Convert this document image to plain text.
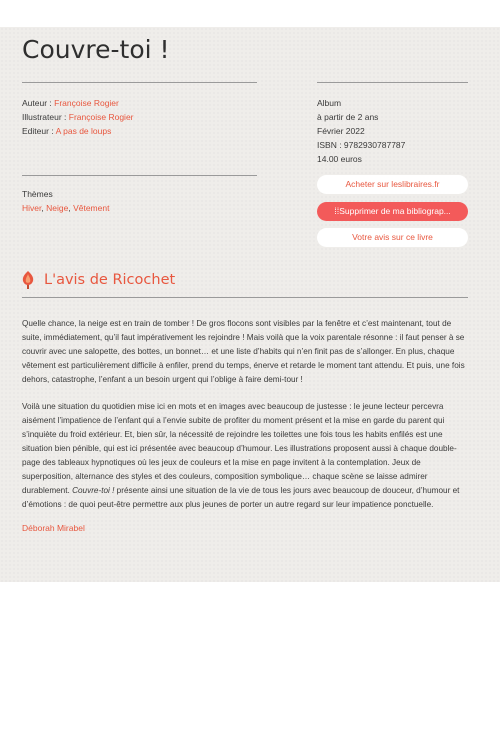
Couvre-toi !
Auteur : Françoise Rogier
Illustrateur : Françoise Rogier
Editeur : A pas de loups
Album
à partir de 2 ans
Février 2022
ISBN : 9782930787787
14.00 euros
Thèmes
Hiver, Neige, Vêtement
Acheter sur leslibraires.fr
⁞⁞Supprimer de ma bibliograp...
Votre avis sur ce livre
L'avis de Ricochet

Quelle chance, la neige est en train de tomber ! De gros flocons sont visibles par la fenêtre et c’est maintenant, tout de suite, immédiatement, qu’il faut impérativement les rejoindre ! Mais voilà que la voix parentale résonne : il faut penser à se couvrir avec une salopette, des bottes, un bonnet… et une liste d’habits qui n’en finit pas de s’allonger. En plus, chaque vêtement est particulièrement difficile à enfiler, prend du temps, énerve et retarde le moment tant attendu. Et puis, une fois dehors, catastrophe, l’enfant a un besoin urgent qui l’oblige à faire demi-tour !

Voilà une situation du quotidien mise ici en mots et en images avec beaucoup de justesse : le jeune lecteur percevra aisément l’impatience de l’enfant qui a l’envie subite de profiter du moment présent et la mise en garde du parent qui s’inquiète du froid extérieur. Et, bien sûr, la nécessité de rejoindre les toilettes une fois tous les habits enfilés est une situation bien pénible, qui est ici présentée avec beaucoup d’humour. Les illustrations proposent aussi à chaque double-page des tableaux hypnotiques où les jeux de couleurs et la mise en page invitent à la contemplation. Jeux de superposition, alternance des styles et des couleurs, composition symbolique… chaque scène se laisse admirer durablement. Couvre-toi ! présente ainsi une situation de la vie de tous les jours avec beaucoup de douceur, d’humour et d’émotions : de quoi peut-être permettre aux plus jeunes de porter un autre regard sur leur impatience ponctuelle.

Déborah Mirabel
